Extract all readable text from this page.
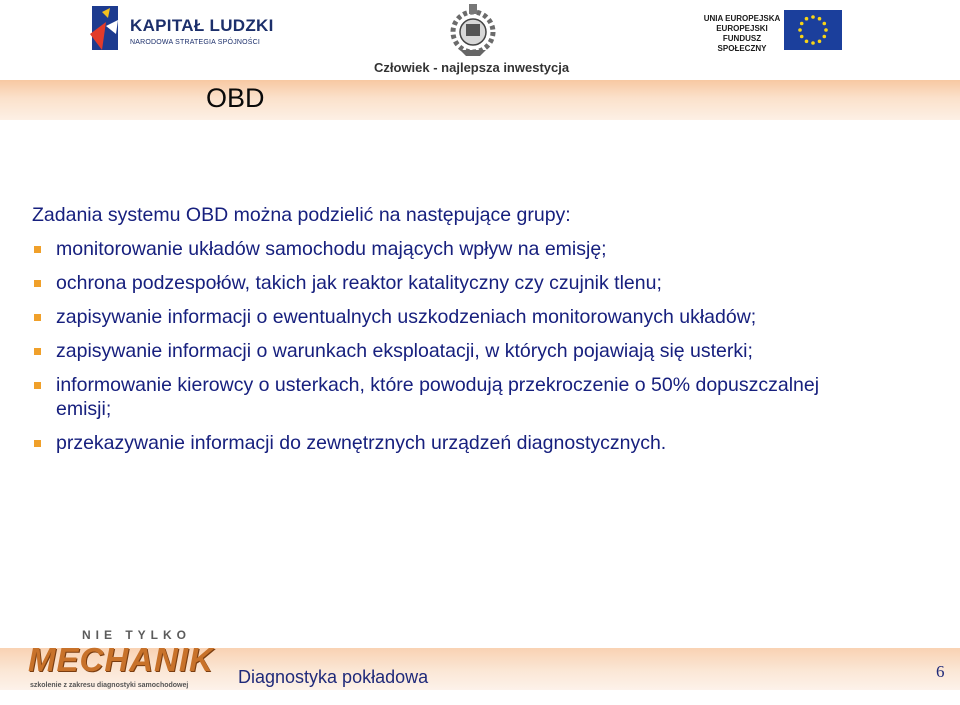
KAPITAŁ LUDZKI
NARODOWA STRATEGIA SPÓJNOŚCI
Człowiek - najlepsza inwestycja
UNIA EUROPEJSKA
EUROPEJSKI
FUNDUSZ SPOŁECZNY
OBD
Zadania systemu OBD można podzielić na następujące grupy:
monitorowanie układów samochodu mających wpływ na emisję;
ochrona podzespołów, takich jak reaktor katalityczny czy czujnik tlenu;
zapisywanie informacji o ewentualnych uszkodzeniach monitorowanych układów;
zapisywanie informacji o warunkach eksploatacji, w których pojawiają się usterki;
informowanie kierowcy o usterkach, które powodują przekroczenie o 50% dopuszczalnej emisji;
przekazywanie informacji do zewnętrznych urządzeń diagnostycznych.
NIE TYLKO
MECHANIK
szkolenie z zakresu diagnostyki samochodowej	Diagnostyka pokładowa	6
